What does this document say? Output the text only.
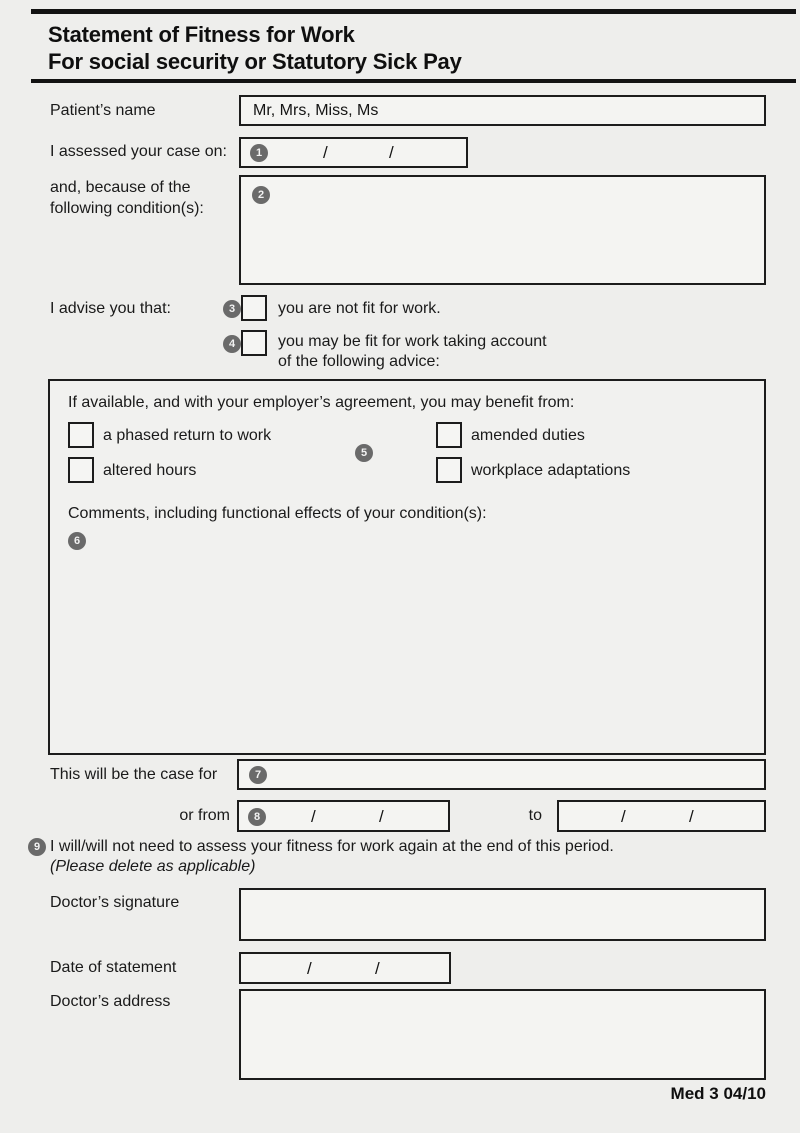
Statement of Fitness for Work
For social security or Statutory Sick Pay
Patient’s name	Mr, Mrs, Miss, Ms
I assessed your case on:	1	/	/
and, because of the
following condition(s):
2
I advise you that:	3	you are not fit for work.
4	you may be fit for work taking account
of the following advice:
If available, and with your employer’s agreement, you may benefit from:
a phased return to work	amended duties
5
altered hours	workplace adaptations
Comments, including functional effects of your condition(s):
6
This will be the case for	7
or from	8	/	/	to	/	/
9 I will/will not need to assess your fitness for work again at the end of this period.
(Please delete as applicable)
Doctor’s signature
Date of statement	/	/
Doctor’s address
Med 3 04/10
